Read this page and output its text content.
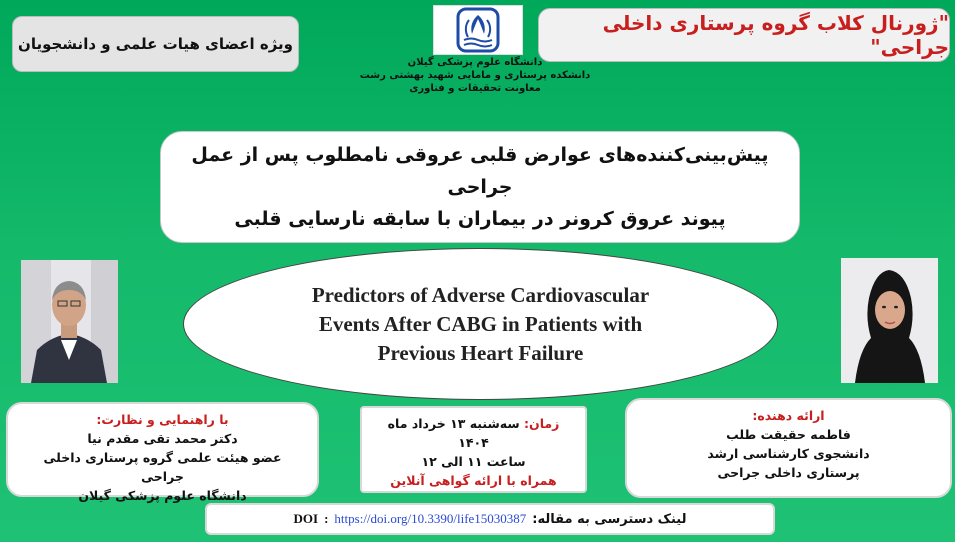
ویژه اعضای هیات علمی و دانشجویان
دانشگاه علوم پزشکی گیلان
دانشکده پرستاری و مامایی شهید بهشتی رشت
معاونت تحقیقات و فناوری
"ژورنال کلاب گروه پرستاری داخلی جراحی"
پیش‌بینی‌کننده‌های عوارض قلبی عروقی نامطلوب پس از عمل جراحی
پیوند عروق کرونر در بیماران با سابقه نارسایی قلبی
Predictors of Adverse Cardiovascular
Events After CABG in Patients with
Previous Heart Failure
با راهنمایی و نظارت:
دکتر محمد تقی مقدم نیا
عضو هیئت علمی گروه پرستاری داخلی جراحی
دانشگاه علوم پزشکی گیلان
زمان: سه‌شنبه ۱۳ خرداد ماه ۱۴۰۴
ساعت ۱۱ الی ۱۲
همراه با ارائه گواهی آنلاین
ارائه دهنده:
فاطمه حقیقت طلب
دانشجوی کارشناسی ارشد
پرستاری داخلی جراحی
DOI : https://doi.org/10.3390/life15030387 لینک دسترسی به مقاله:
